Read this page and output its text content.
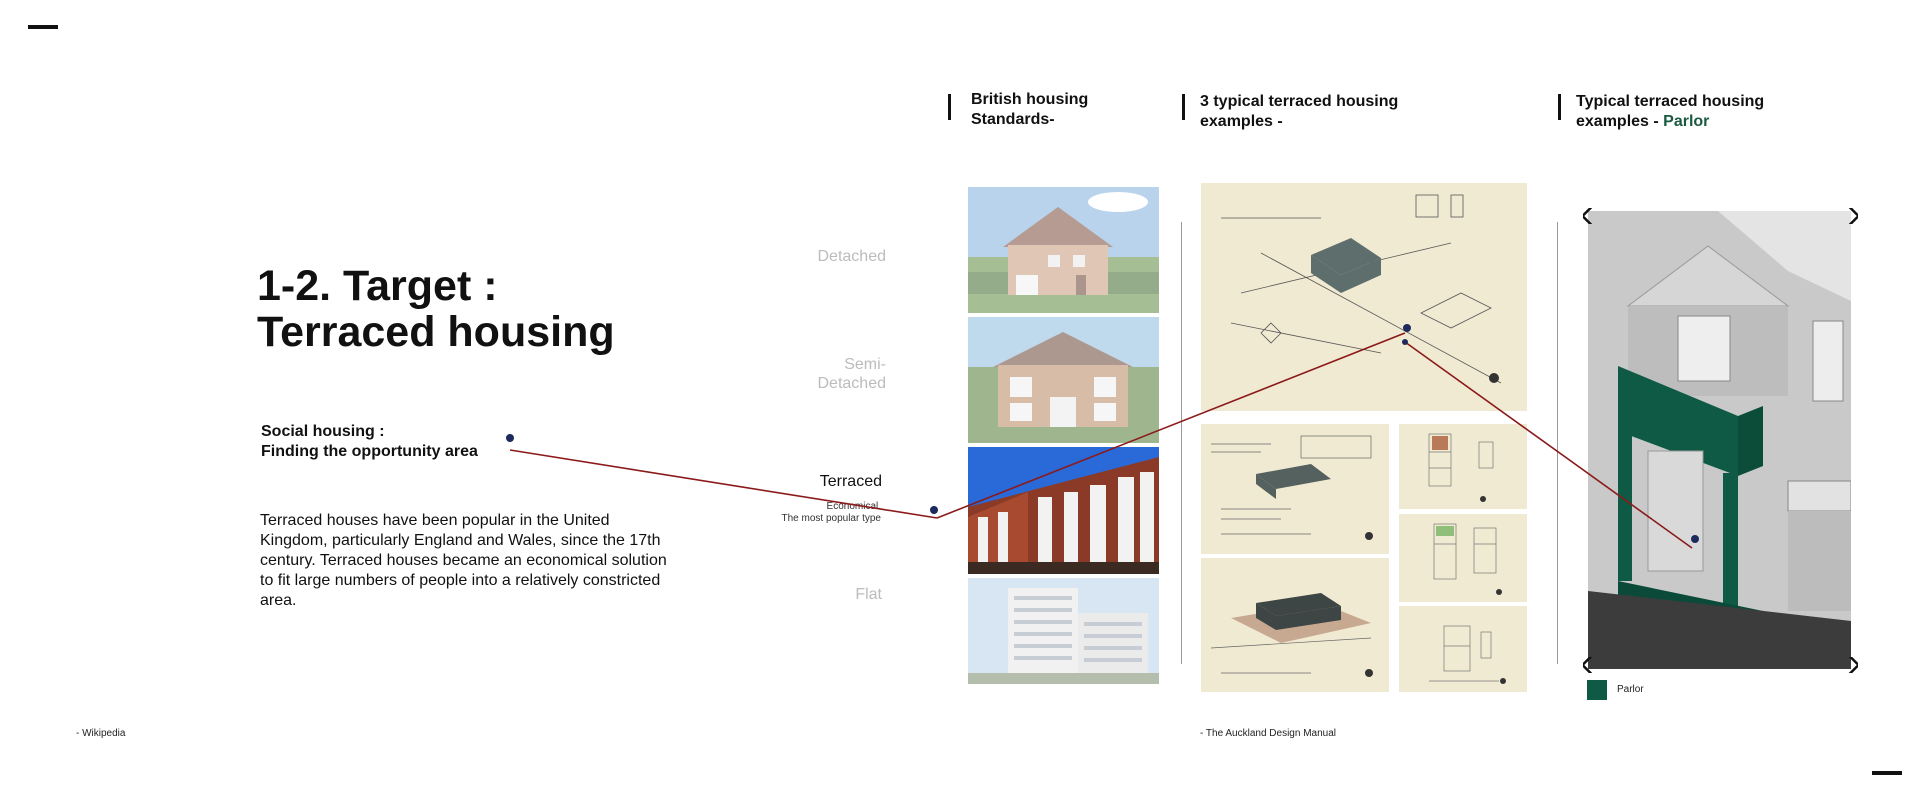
1-2. Target :
Terraced housing
Social housing :
Finding the opportunity area
Terraced houses have been popular in the United Kingdom, particularly England and Wales, since the 17th century. Terraced houses became an economical solution to fit large numbers of people into a relatively constricted area.
- Wikipedia	- The Auckland Design Manual
Detached
Semi-
Detached
Terraced
Economical.
The most popular type
Flat
British housing
Standards-
3 typical terraced housing
examples -
Typical terraced housing
examples - Parlor
Parlor
